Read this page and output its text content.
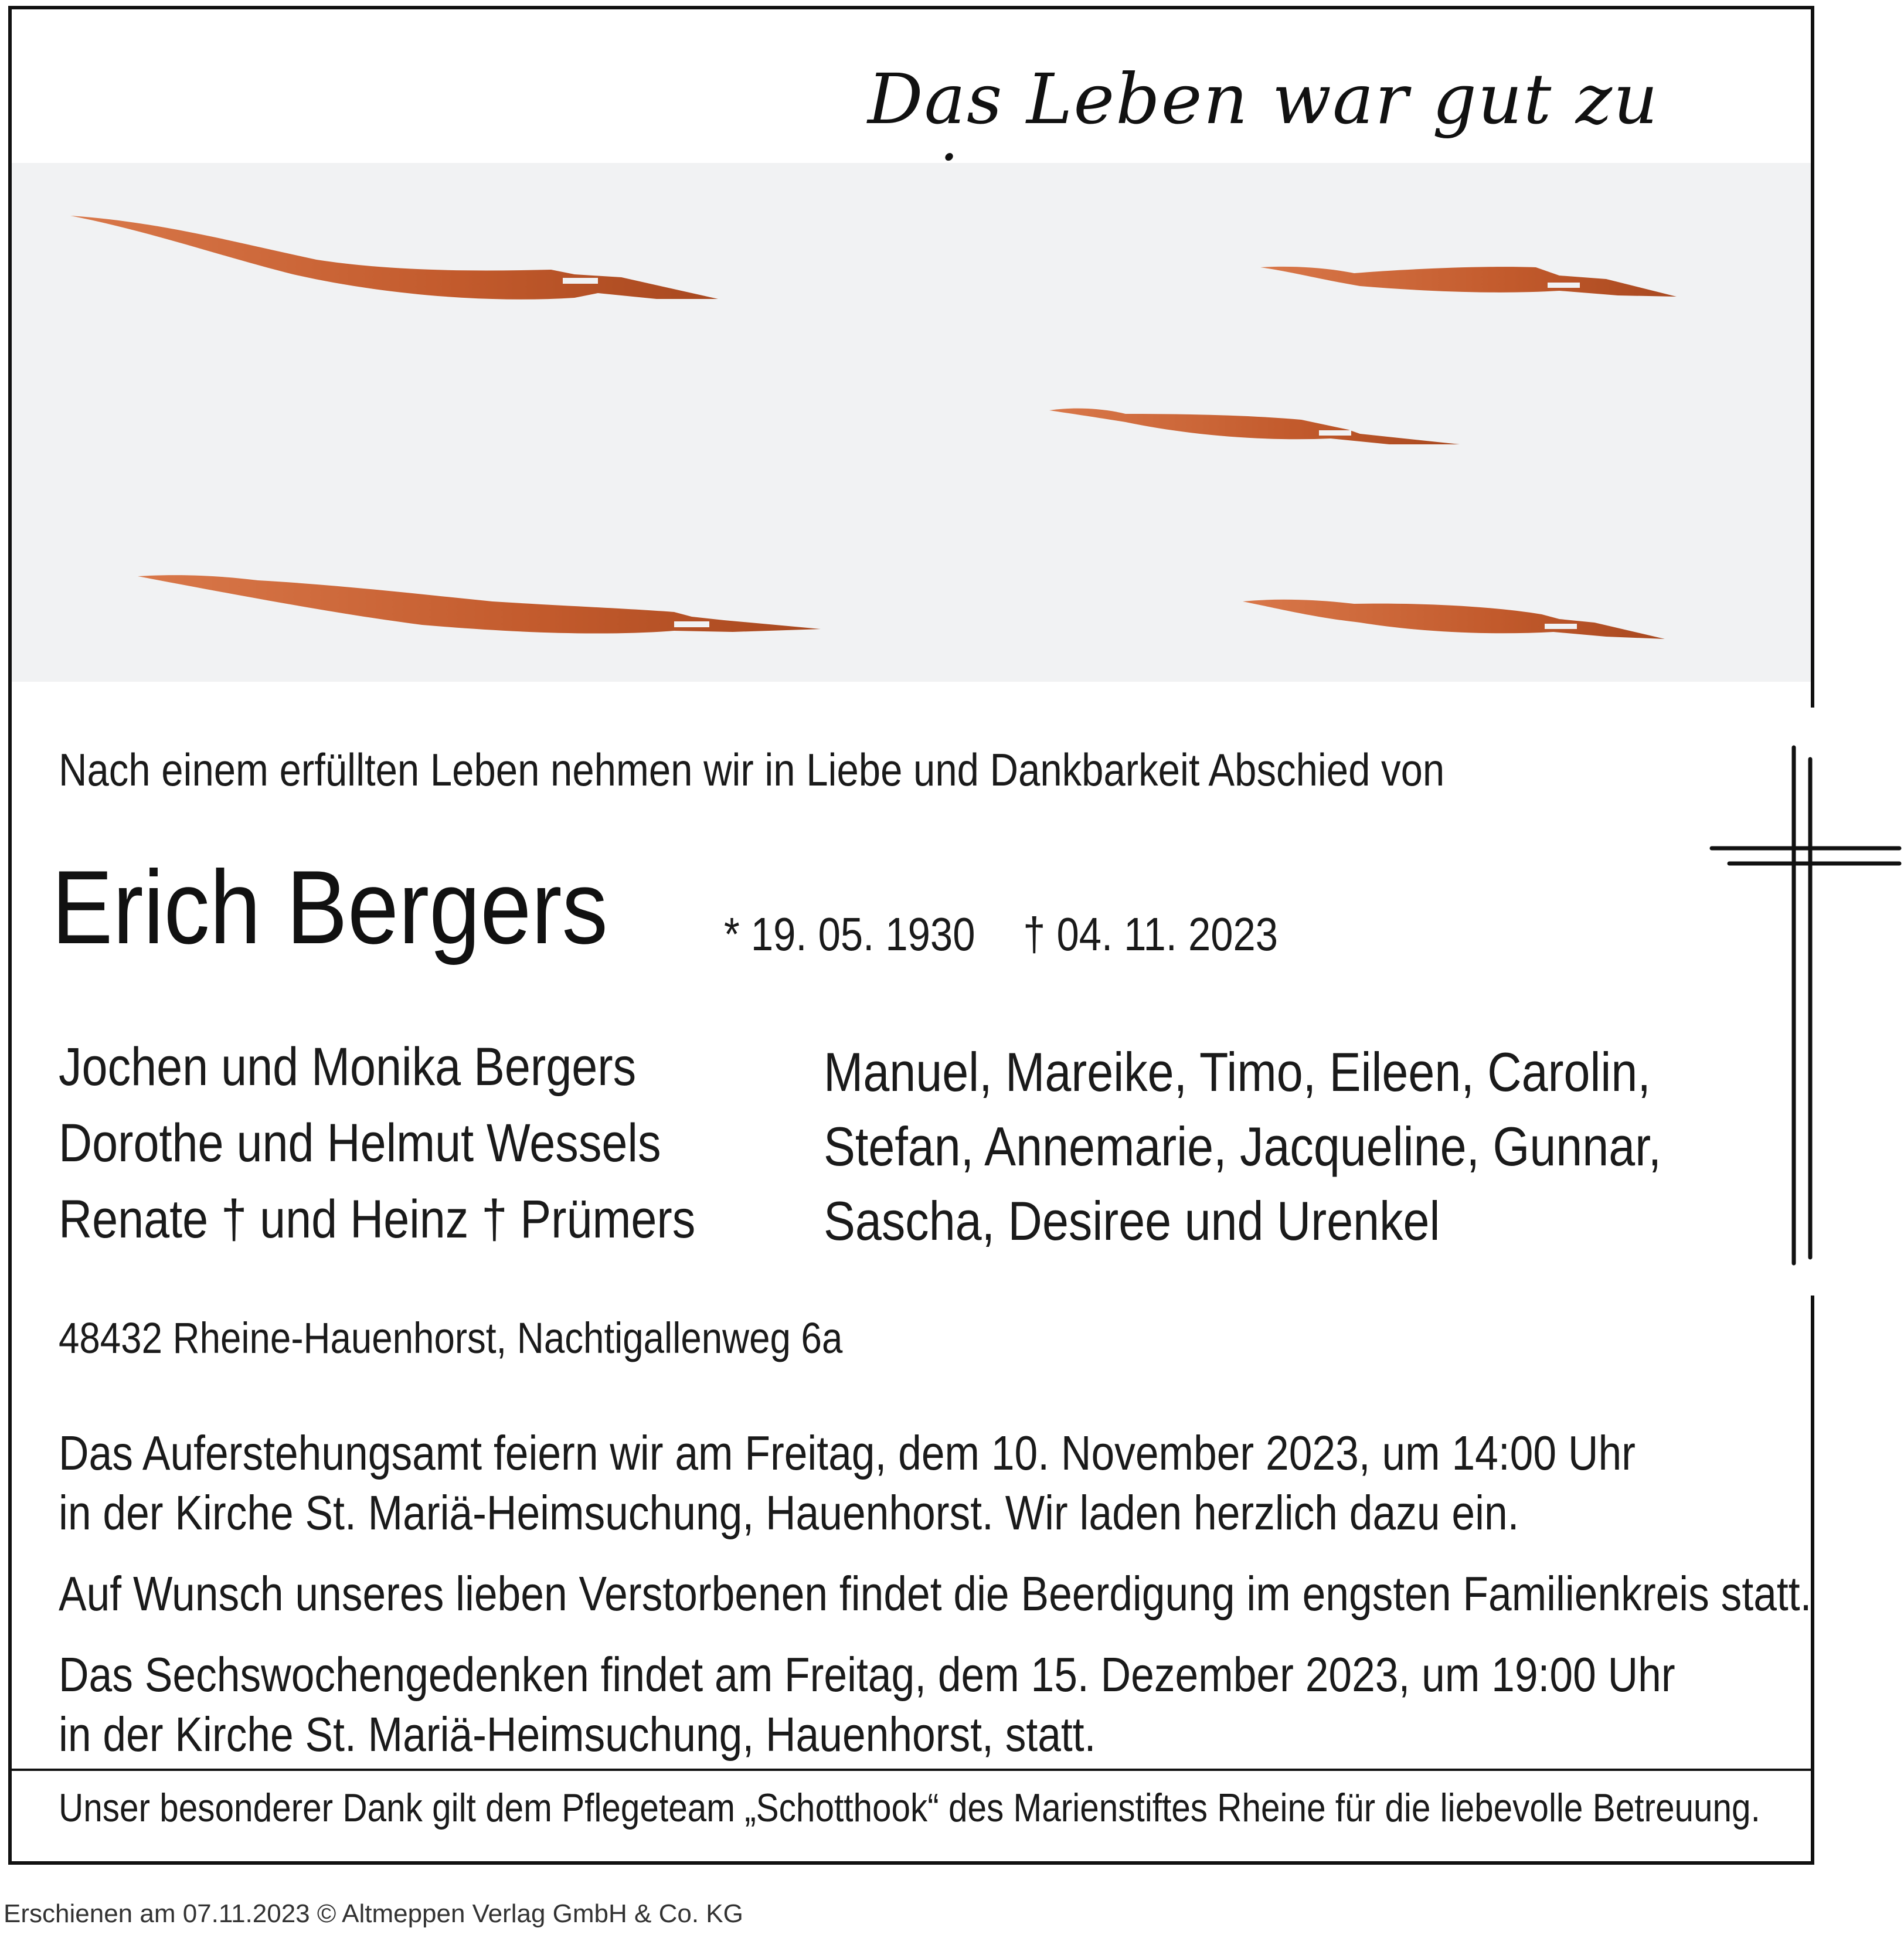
Das Leben war gut zu
Nach einem erfüllten Leben nehmen wir in Liebe und Dankbarkeit Abschied von
Erich Bergers * 19. 05. 1930 † 04. 11. 2023
Jochen und Monika Bergers
Dorothe und Helmut Wessels
Renate † und Heinz † Prümers
Manuel, Mareike, Timo, Eileen, Carolin,
Stefan, Annemarie, Jacqueline, Gunnar,
Sascha, Desiree und Urenkel
48432 Rheine-Hauenhorst, Nachtigallenweg 6a
Das Auferstehungsamt feiern wir am Freitag, dem 10. November 2023, um 14:00 Uhr
in der Kirche St. Mariä-Heimsuchung, Hauenhorst. Wir laden herzlich dazu ein.
Auf Wunsch unseres lieben Verstorbenen findet die Beerdigung im engsten Familienkreis statt.
Das Sechswochengedenken findet am Freitag, dem 15. Dezember 2023, um 19:00 Uhr
in der Kirche St. Mariä-Heimsuchung, Hauenhorst, statt.
Unser besonderer Dank gilt dem Pflegeteam „Schotthook“ des Marienstiftes Rheine für die liebevolle Betreuung.
Erschienen am 07.11.2023 © Altmeppen Verlag GmbH & Co. KG
